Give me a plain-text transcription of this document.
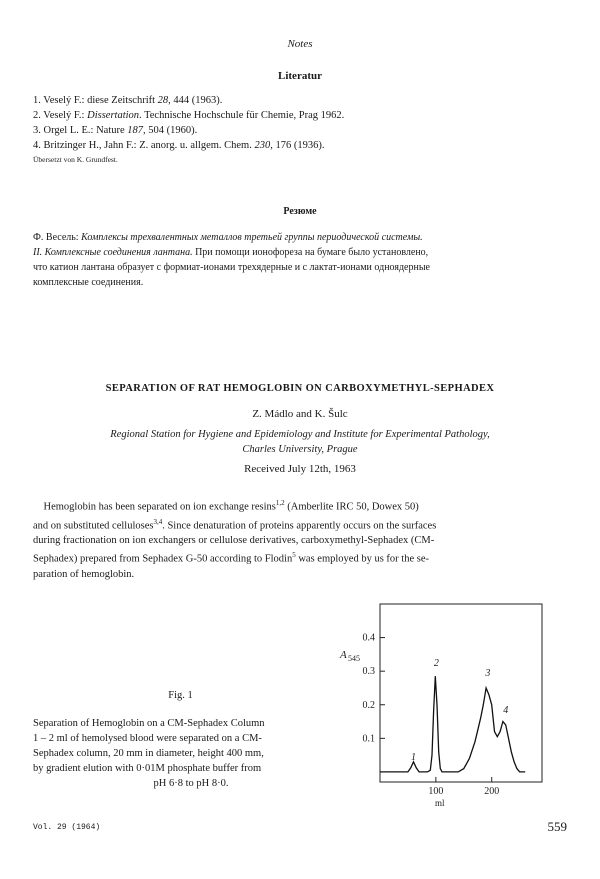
Notes
Literatur
1. Veselý F.: diese Zeitschrift 28, 444 (1963).
2. Veselý F.: Dissertation. Technische Hochschule für Chemie, Prag 1962.
3. Orgel L. E.: Nature 187, 504 (1960).
4. Britzinger H., Jahn F.: Z. anorg. u. allgem. Chem. 230, 176 (1936).
Übersetzt von K. Grundfest.
Резюме
Ф. Весель: Комплексы трехвалентных металлов третьей группы периодической системы.
II. Комплексные соединения лантана. При помощи ионофореза на бумаге было установлено,
что катион лантана образует с формиат-ионами трехядерные и с лактат-ионами одноядерные
комплексные соединения.
SEPARATION OF RAT HEMOGLOBIN ON CARBOXYMETHYL-SEPHADEX
Z. Mádlo and K. Šulc
Regional Station for Hygiene and Epidemiology and Institute for Experimental Pathology,
Charles University, Prague
Received July 12th, 1963
Hemoglobin has been separated on ion exchange resins$^{1,2}$ (Amberlite IRC 50, Dowex 50)
and on substituted celluloses$^{3,4}$. Since denaturation of proteins apparently occurs on the surfaces
during fractionation on ion exchangers or cellulose derivatives, carboxymethyl-Sephadex (CM-
Sephadex) prepared from Sephadex G-50 according to Flodin$^5$ was employed by us for the se-
paration of hemoglobin.
Fig. 1
Separation of Hemoglobin on a CM-Sephadex Column
1 – 2 ml of hemolysed blood were separated on a CM-
Sephadex column, 20 mm in diameter, height 400 mm,
by gradient elution with 0·01M phosphate buffer from
pH 6·8 to pH 8·0.
0.1
0.2
0.3
0.4
100	200
A 545
ml
1
2
3
4
Vol. 29 (1964)	559
